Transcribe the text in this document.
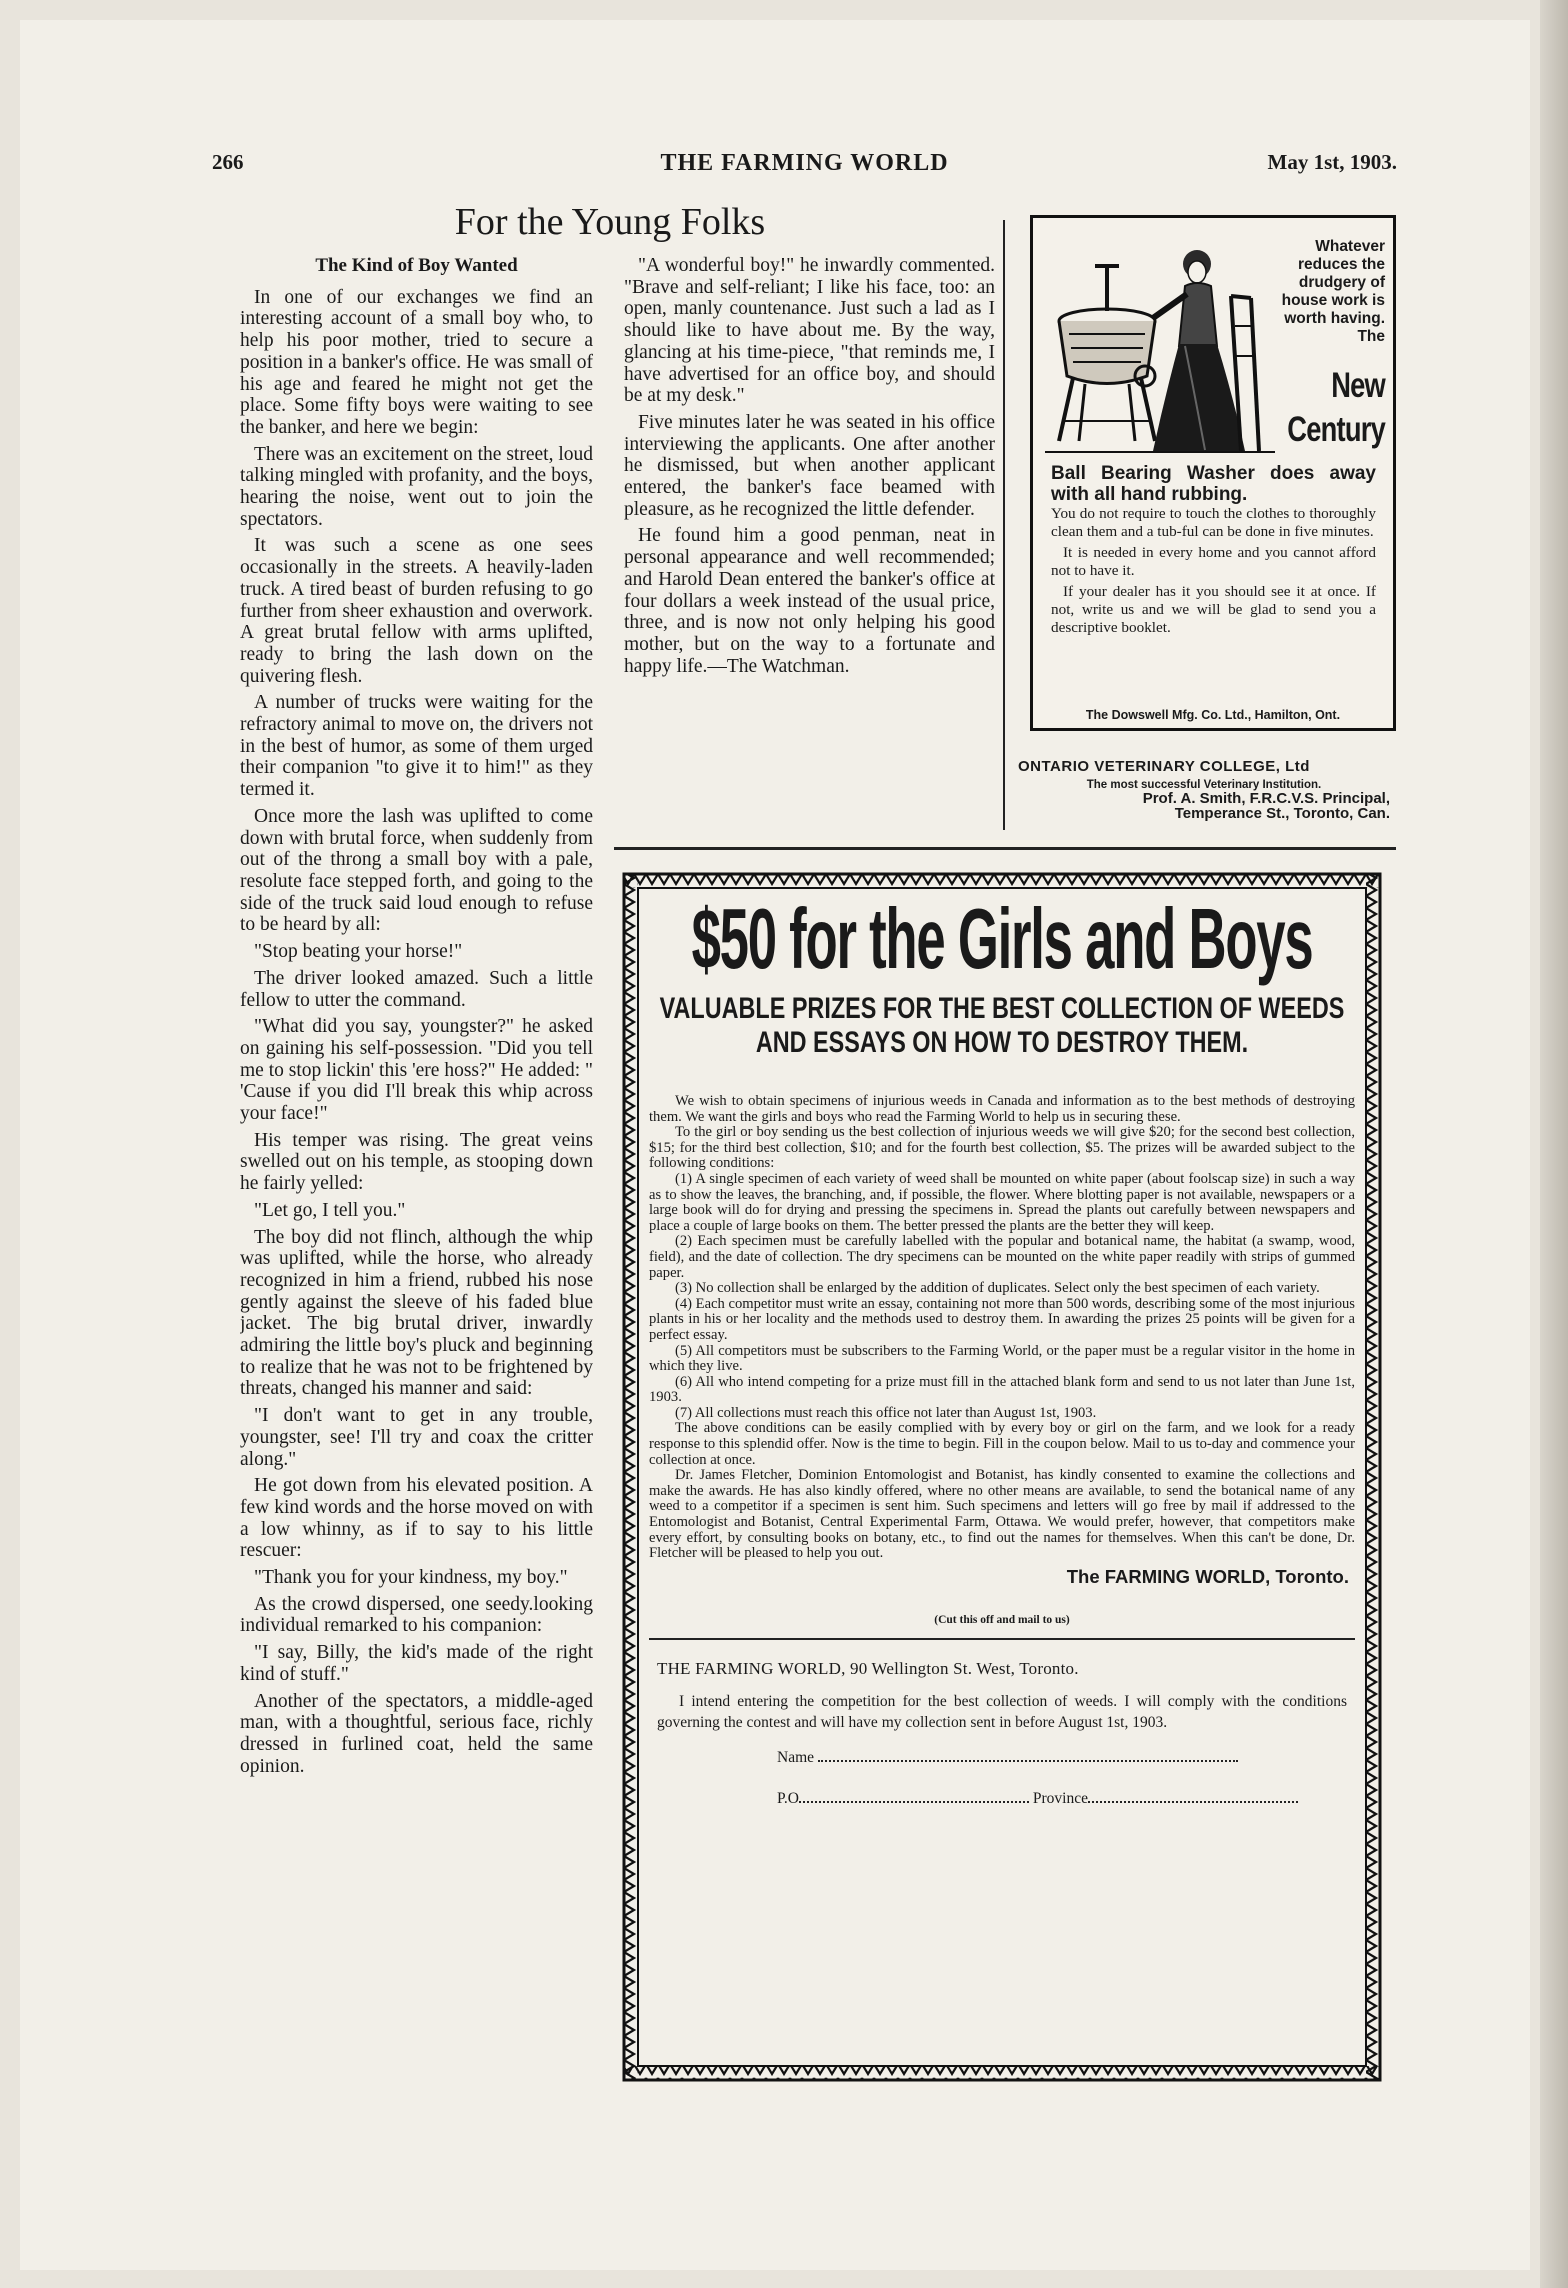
266	THE FARMING WORLD	May 1st, 1903.
For the Young Folks
The Kind of Boy Wanted

In one of our exchanges we find an interesting account of a small boy who, to help his poor mother, tried to secure a position in a banker's office. He was small of his age and feared he might not get the place. Some fifty boys were waiting to see the banker, and here we begin:

There was an excitement on the street, loud talking mingled with profanity, and the boys, hearing the noise, went out to join the spectators.

It was such a scene as one sees occasionally in the streets. A heavily-laden truck. A tired beast of burden refusing to go further from sheer exhaustion and overwork. A great brutal fellow with arms uplifted, ready to bring the lash down on the quivering flesh.

A number of trucks were waiting for the refractory animal to move on, the drivers not in the best of humor, as some of them urged their companion "to give it to him!" as they termed it.

Once more the lash was uplifted to come down with brutal force, when suddenly from out of the throng a small boy with a pale, resolute face stepped forth, and going to the side of the truck said loud enough to refuse to be heard by all:

"Stop beating your horse!"

The driver looked amazed. Such a little fellow to utter the command.

"What did you say, youngster?" he asked on gaining his self-possession. "Did you tell me to stop lickin' this 'ere hoss?" He added: " 'Cause if you did I'll break this whip across your face!"

His temper was rising. The great veins swelled out on his temple, as stooping down he fairly yelled:

"Let go, I tell you."

The boy did not flinch, although the whip was uplifted, while the horse, who already recognized in him a friend, rubbed his nose gently against the sleeve of his faded blue jacket. The big brutal driver, inwardly admiring the little boy's pluck and beginning to realize that he was not to be frightened by threats, changed his manner and said:

"I don't want to get in any trouble, youngster, see! I'll try and coax the critter along."

He got down from his elevated position. A few kind words and the horse moved on with a low whinny, as if to say to his little rescuer:

"Thank you for your kindness, my boy."

As the crowd dispersed, one seedy.looking individual remarked to his companion:

"I say, Billy, the kid's made of the right kind of stuff."

Another of the spectators, a middle-aged man, with a thoughtful, serious face, richly dressed in furlined coat, held the same opinion.

"A wonderful boy!" he inwardly commented. "Brave and self-reliant; I like his face, too: an open, manly countenance. Just such a lad as I should like to have about me. By the way, glancing at his time-piece, "that reminds me, I have advertised for an office boy, and should be at my desk."

Five minutes later he was seated in his office interviewing the applicants. One after another he dismissed, but when another applicant entered, the banker's face beamed with pleasure, as he recognized the little defender.

He found him a good penman, neat in personal appearance and well recommended; and Harold Dean entered the banker's office at four dollars a week instead of the usual price, three, and is now not only helping his good mother, but on the way to a fortunate and happy life.—The Watchman.

Whatever reduces the drudgery of house work is worth having. The
New
Century
Ball Bearing Washer does away with all hand rubbing.

You do not require to touch the clothes to thoroughly clean them and a tub-ful can be done in five minutes.

It is needed in every home and you cannot afford not to have it.

If your dealer has it you should see it at once. If not, write us and we will be glad to send you a descriptive booklet.

The Dowswell Mfg. Co. Ltd., Hamilton, Ont.
ONTARIO VETERINARY COLLEGE, Ltd
The most successful Veterinary Institution.
Prof. A. Smith, F.R.C.V.S. Principal,
Temperance St., Toronto, Can.
$50 for the Girls and Boys
VALUABLE PRIZES FOR THE BEST COLLECTION OF WEEDS
AND ESSAYS ON HOW TO DESTROY THEM.

We wish to obtain specimens of injurious weeds in Canada and information as to the best methods of destroying them. We want the girls and boys who read the Farming World to help us in securing these.

To the girl or boy sending us the best collection of injurious weeds we will give $20; for the second best collection, $15; for the third best collection, $10; and for the fourth best collection, $5. The prizes will be awarded subject to the following conditions:

(1) A single specimen of each variety of weed shall be mounted on white paper (about foolscap size) in such a way as to show the leaves, the branching, and, if possible, the flower. Where blotting paper is not available, newspapers or a large book will do for drying and pressing the specimens in. Spread the plants out carefully between newspapers and place a couple of large books on them. The better pressed the plants are the better they will keep.

(2) Each specimen must be carefully labelled with the popular and botanical name, the habitat (a swamp, wood, field), and the date of collection. The dry specimens can be mounted on the white paper readily with strips of gummed paper.

(3) No collection shall be enlarged by the addition of duplicates. Select only the best specimen of each variety.

(4) Each competitor must write an essay, containing not more than 500 words, describing some of the most injurious plants in his or her locality and the methods used to destroy them. In awarding the prizes 25 points will be given for a perfect essay.

(5) All competitors must be subscribers to the Farming World, or the paper must be a regular visitor in the home in which they live.

(6) All who intend competing for a prize must fill in the attached blank form and send to us not later than June 1st, 1903.

(7) All collections must reach this office not later than August 1st, 1903.

The above conditions can be easily complied with by every boy or girl on the farm, and we look for a ready response to this splendid offer. Now is the time to begin. Fill in the coupon below. Mail to us to-day and commence your collection at once.

Dr. James Fletcher, Dominion Entomologist and Botanist, has kindly consented to examine the collections and make the awards. He has also kindly offered, where no other means are available, to send the botanical name of any weed to a competitor if a specimen is sent him. Such specimens and letters will go free by mail if addressed to the Entomologist and Botanist, Central Experimental Farm, Ottawa. We would prefer, however, that competitors make every effort, by consulting books on botany, etc., to find out the names for themselves. When this can't be done, Dr. Fletcher will be pleased to help you out.

The FARMING WORLD, Toronto.
(Cut this off and mail to us)
THE FARMING WORLD, 90 Wellington St. West, Toronto.
I intend entering the competition for the best collection of weeds. I will comply with the conditions governing the contest and will have my collection sent in before August 1st, 1903.
Name
P.O	Province
